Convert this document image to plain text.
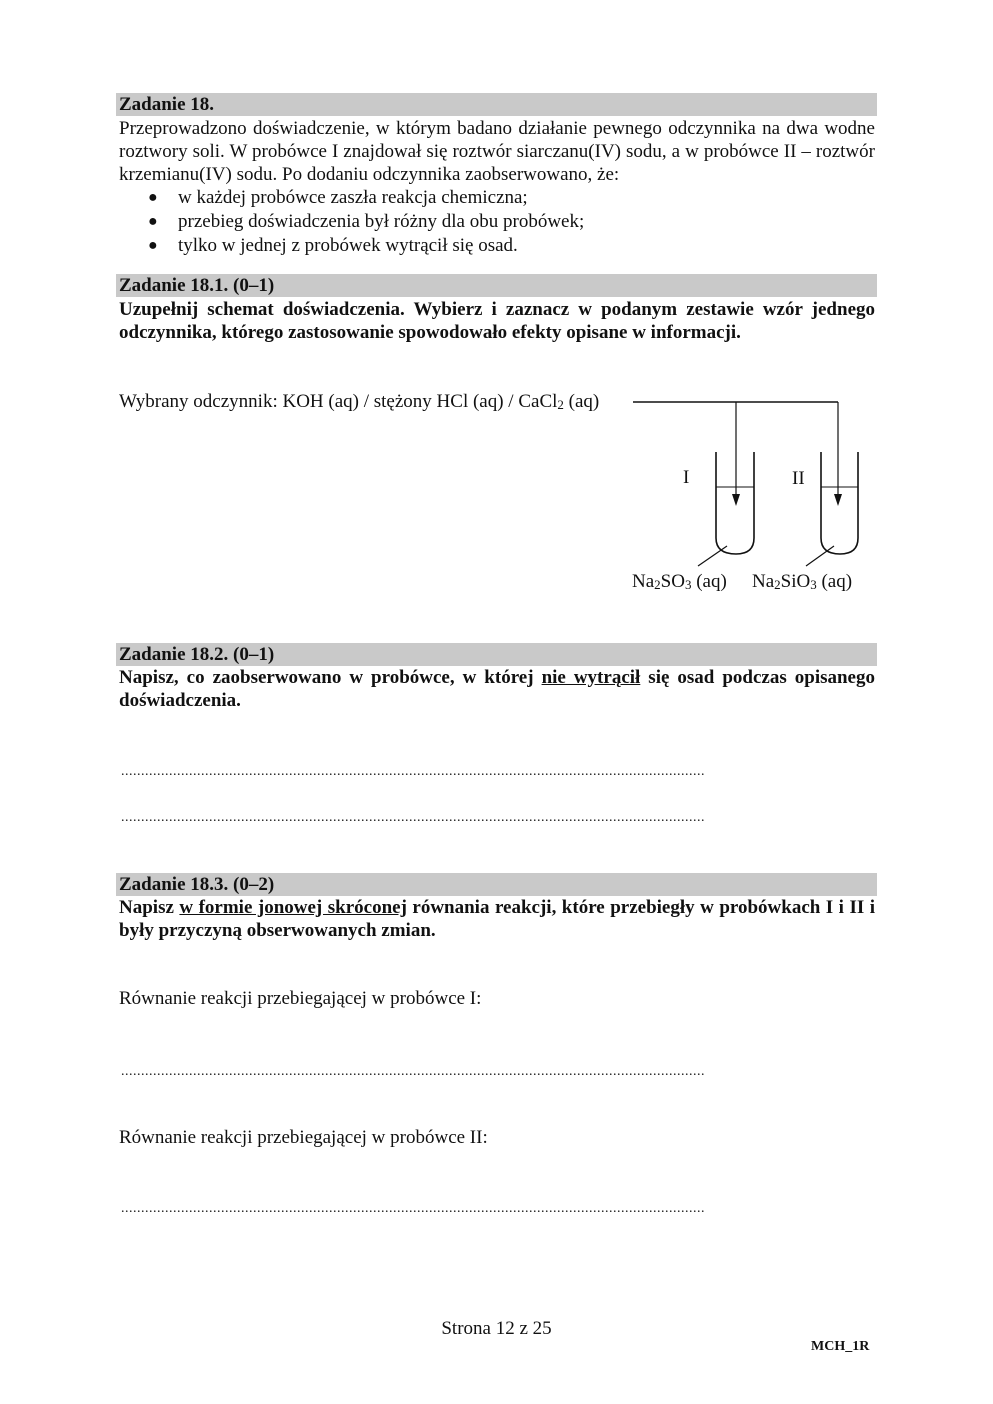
Zadanie 18.
Przeprowadzono doświadczenie, w którym badano działanie pewnego odczynnika na dwa wodne roztwory soli. W probówce I znajdował się roztwór siarczanu(IV) sodu, a w probówce II – roztwór krzemianu(IV) sodu. Po dodaniu odczynnika zaobserwowano, że:
● w każdej probówce zaszła reakcja chemiczna;
● przebieg doświadczenia był różny dla obu probówek;
● tylko w jednej z probówek wytrącił się osad.
Zadanie 18.1. (0–1)
Uzupełnij schemat doświadczenia. Wybierz i zaznacz w podanym zestawie wzór jednego odczynnika, którego zastosowanie spowodowało efekty opisane w informacji.
Wybrany odczynnik: KOH (aq) / stężony HCl (aq) / CaCl2 (aq)
I	II
Na2SO3 (aq) Na2SiO3 (aq)
Zadanie 18.2. (0–1)
Napisz, co zaobserwowano w probówce, w której nie wytrącił się osad podczas opisanego doświadczenia.
..................................................................................................................................................
..................................................................................................................................................
Zadanie 18.3. (0–2)
Napisz w formie jonowej skróconej równania reakcji, które przebiegły w probówkach I i II i były przyczyną obserwowanych zmian.
Równanie reakcji przebiegającej w probówce I:
..................................................................................................................................................
Równanie reakcji przebiegającej w probówce II:
..................................................................................................................................................
Strona 12 z 25
MCH_1R
